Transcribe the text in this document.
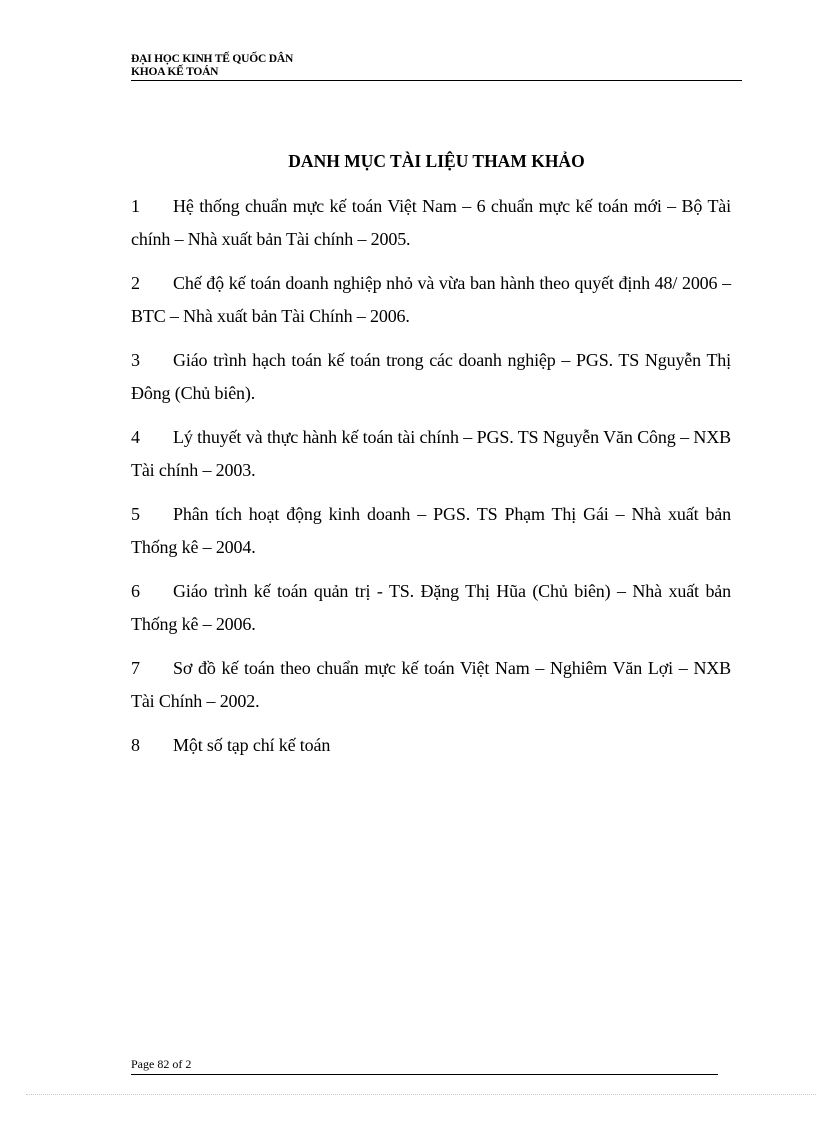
ĐẠI HỌC KINH TẾ QUỐC DÂN
KHOA KẾ TOÁN
DANH MỤC TÀI LIỆU THAM KHẢO
1 Hệ thống chuẩn mực kế toán Việt Nam – 6 chuẩn mực kế toán mới – Bộ Tài chính – Nhà xuất bản Tài chính – 2005.
2 Chế độ kế toán doanh nghiệp nhỏ và vừa ban hành theo quyết định 48/ 2006 – BTC – Nhà xuất bản Tài Chính – 2006.
3 Giáo trình hạch toán kế toán trong các doanh nghiệp – PGS. TS Nguyễn Thị Đông (Chủ biên).
4 Lý thuyết và thực hành kế toán tài chính – PGS. TS Nguyễn Văn Công – NXB Tài chính – 2003.
5 Phân tích hoạt động kinh doanh – PGS. TS Phạm Thị Gái – Nhà xuất bản Thống kê – 2004.
6 Giáo trình kế toán quản trị - TS. Đặng Thị Hũa (Chủ biên) – Nhà xuất bản Thống kê – 2006.
7 Sơ đồ kế toán theo chuẩn mực kế toán Việt Nam – Nghiêm Văn Lợi – NXB Tài Chính – 2002.
8 Một số tạp chí kế toán
Page 82 of 2
